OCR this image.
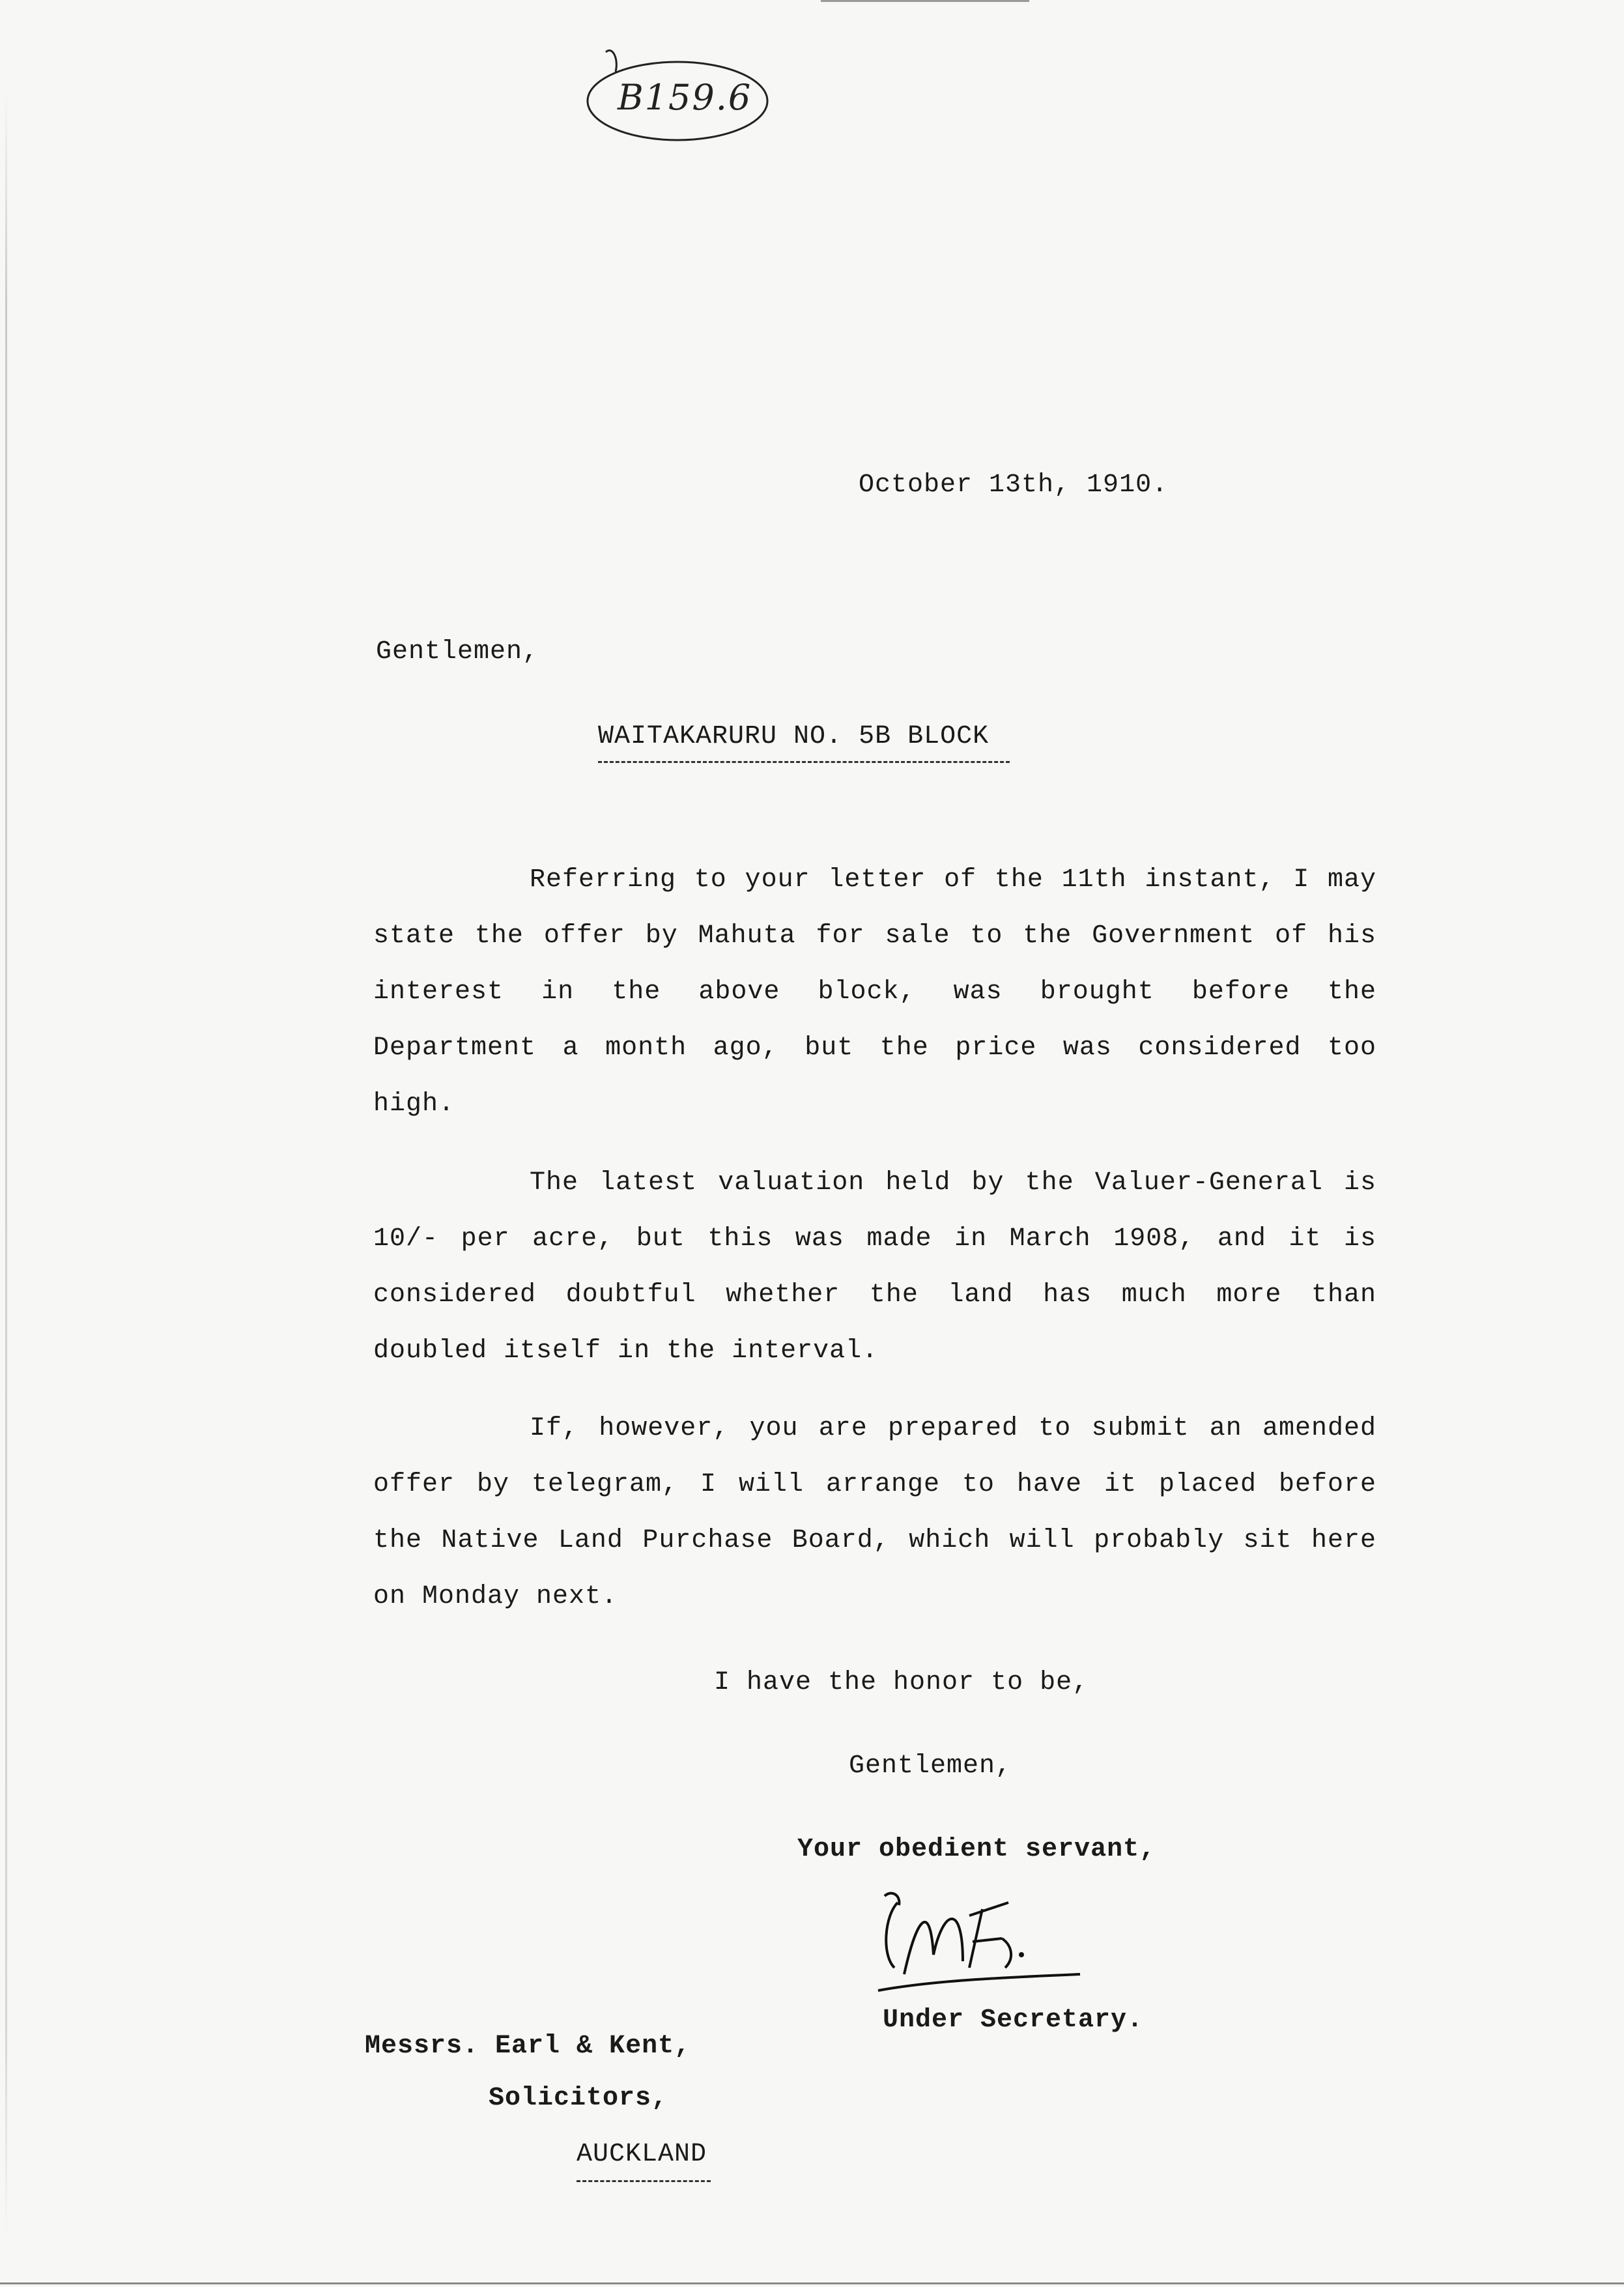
B159.6
October 13th, 1910.
Gentlemen,
WAITAKARURU NO. 5B BLOCK

Referring to your letter of the 11th instant, I may state the offer by Mahuta for sale to the Government of his interest in the above block, was brought before the Department a month ago, but the price was considered too high.

The latest valuation held by the Valuer-General is 10/- per acre, but this was made in March 1908, and it is considered doubtful whether the land has much more than doubled itself in the interval.

If, however, you are prepared to submit an amended offer by telegram, I will arrange to have it placed before the Native Land Purchase Board, which will probably sit here on Monday next.

I have the honor to be,
Gentlemen,
Your obedient servant,
Under Secretary.
Messrs. Earl & Kent,
Solicitors,
AUCKLAND
